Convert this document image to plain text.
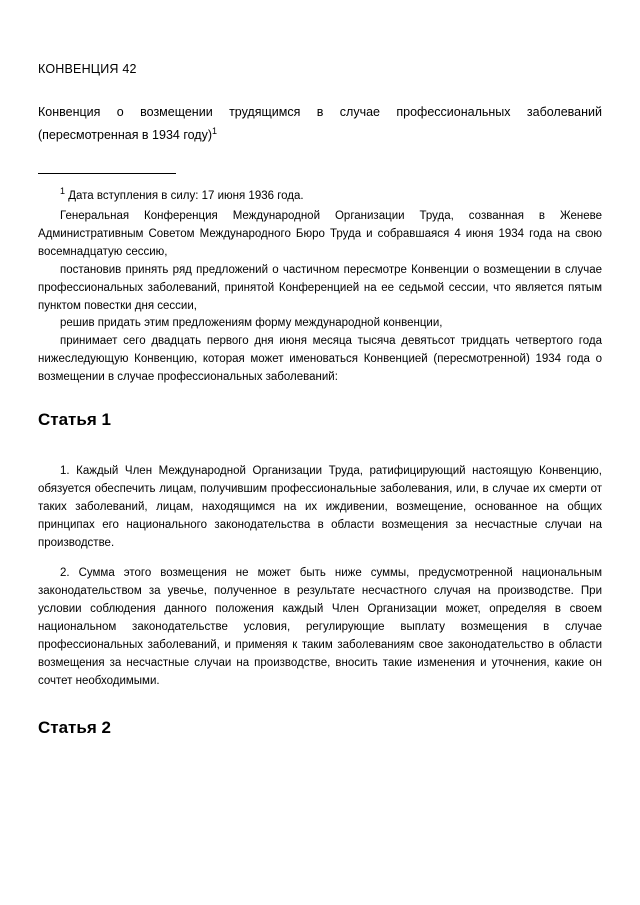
КОНВЕНЦИЯ 42
Конвенция о возмещении трудящимся в случае профессиональных заболеваний (пересмотренная в 1934 году)$^1$
$^1$ Дата вступления в силу: 17 июня 1936 года.

Генеральная Конференция Международной Организации Труда, созванная в Женеве Административным Советом Международного Бюро Труда и собравшаяся 4 июня 1934 года на свою восемнадцатую сессию,

постановив принять ряд предложений о частичном пересмотре Конвенции о возмещении в случае профессиональных заболеваний, принятой Конференцией на ее седьмой сессии, что является пятым пунктом повестки дня сессии,

решив придать этим предложениям форму международной конвенции,

принимает сего двадцать первого дня июня месяца тысяча девятьсот тридцать четвертого года нижеследующую Конвенцию, которая может именоваться Конвенцией (пересмотренной) 1934 года о возмещении в случае профессиональных заболеваний:

Статья 1

1. Каждый Член Международной Организации Труда, ратифицирующий настоящую Конвенцию, обязуется обеспечить лицам, получившим профессиональные заболевания, или, в случае их смерти от таких заболеваний, лицам, находящимся на их иждивении, возмещение, основанное на общих принципах его национального законодательства в области возмещения за несчастные случаи на производстве.

2. Сумма этого возмещения не может быть ниже суммы, предусмотренной национальным законодательством за увечье, полученное в результате несчастного случая на производстве. При условии соблюдения данного положения каждый Член Организации может, определяя в своем национальном законодательстве условия, регулирующие выплату возмещения в случае профессиональных заболеваний, и применяя к таким заболеваниям свое законодательство в области возмещения за несчастные случаи на производстве, вносить такие изменения и уточнения, какие он сочтет необходимыми.

Статья 2
